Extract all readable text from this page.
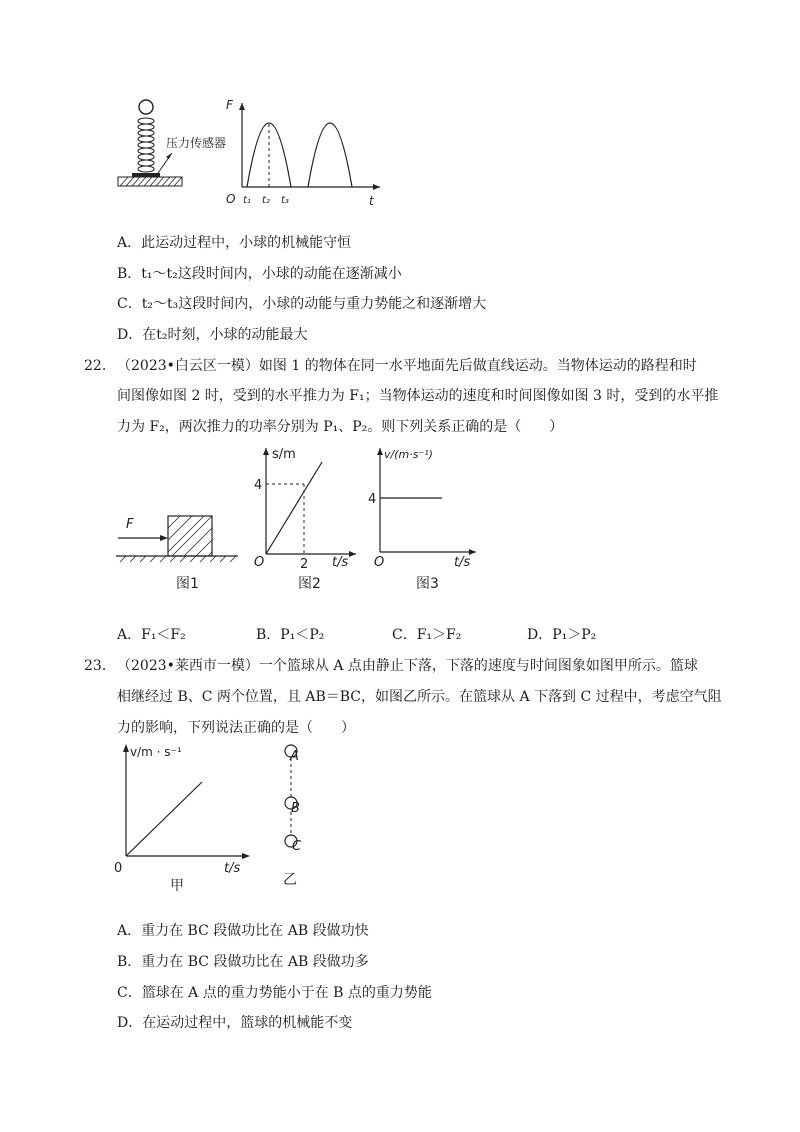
压力传感器
F
O t₁ t₂ t₃	t
A．此运动过程中，小球的机械能守恒
B．t₁～t₂这段时间内，小球的动能在逐渐减小
C．t₂～t₃这段时间内，小球的动能与重力势能之和逐渐增大
D．在t₂时刻，小球的动能最大
22． （2023•白云区一模）如图 1 的物体在同一水平地面先后做直线运动。当物体运动的路程和时
间图像如图 2 时，受到的水平推力为 F₁；当物体运动的速度和时间图像如图 3 时，受到的水平推
力为 F₂，两次推力的功率分别为 P₁、P₂。则下列关系正确的是（　　）
F
图1
s/m
4
O	2 t/s
图2
v/(m·s⁻¹)
4
O	t/s
图3
A．F₁＜F₂	B．P₁＜P₂	C．F₁＞F₂	D．P₁＞P₂
23． （2023•莱西市一模）一个篮球从 A 点由静止下落，下落的速度与时间图象如图甲所示。篮球
相继经过 B、C 两个位置，且 AB＝BC，如图乙所示。在篮球从 A 下落到 C 过程中，考虑空气阻
力的影响，下列说法正确的是（　　）
v/m · s⁻¹
0	t/s
甲
A
B
C
乙
A．重力在 BC 段做功比在 AB 段做功快
B．重力在 BC 段做功比在 AB 段做功多
C．篮球在 A 点的重力势能小于在 B 点的重力势能
D．在运动过程中，篮球的机械能不变
